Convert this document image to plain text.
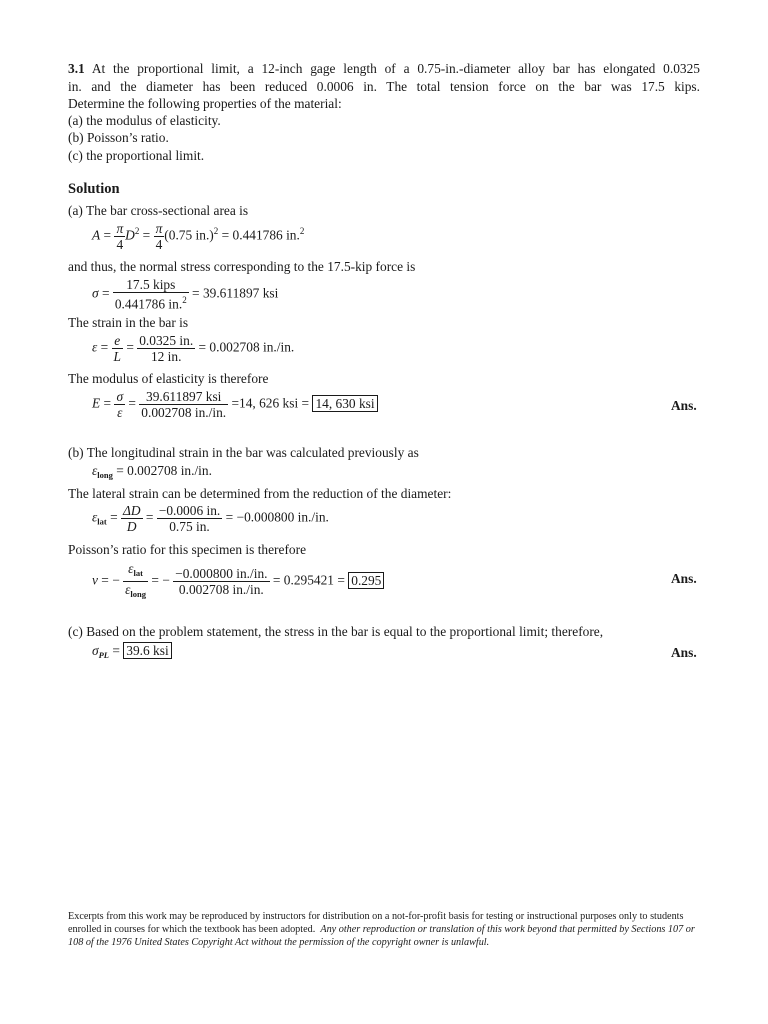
3.1 At the proportional limit, a 12-inch gage length of a 0.75-in.-diameter alloy bar has elongated 0.0325
in. and the diameter has been reduced 0.0006 in. The total tension force on the bar was 17.5 kips.
Determine the following properties of the material:
(a) the modulus of elasticity.
(b) Poisson’s ratio.
(c) the proportional limit.
Solution
(a) The bar cross-sectional area is
$A = \frac{\pi}{4} D^2 = \frac{\pi}{4} (0.75$ in.)$^2$ = 0.441786 in.$^2$
and thus, the normal stress corresponding to the 17.5-kip force is
$\sigma = \frac{\text{17.5 kips}}{0.441786 in.^2} = 39.611897$ ksi
The strain in the bar is
$\varepsilon = \frac{e}{L} = \frac{0.0325 in.}{12 in.} = 0.002708$ in./in.
The modulus of elasticity is therefore
$E = \frac{\sigma}{\varepsilon} = \frac{\text{39.611897 ksi}}{0.002708 in./in.} =14$, 626 ksi = 14, 630 ksi	Ans.
(b) The longitudinal strain in the bar was calculated previously as
$\varepsilon_{long} = 0.002708$ in./in.
The lateral strain can be determined from the reduction of the diameter:
$\varepsilon_{lat} = \frac{\Delta D}{D} = \frac{-0.0006 in.}{0.75 in.} = -0.000800$ in./in.
Poisson’s ratio for this specimen is therefore
ν = − $\frac{\varepsilon_{lat}}{\varepsilon_{long}}$ = − $\frac{-0.000800 in./in.}{0.002708 in./in.} = 0.295421 = 0.295$	Ans.
(c) Based on the problem statement, the stress in the bar is equal to the proportional limit; therefore,
$\sigma_{PL} = 39.6$ ksi	Ans.
Excerpts from this work may be reproduced by instructors for distribution on a not-for-profit basis for testing or instructional purposes only to students enrolled in courses for which the textbook has been adopted. Any other reproduction or translation of this work beyond that permitted by Sections 107 or 108 of the 1976 United States Copyright Act without the permission of the copyright owner is unlawful.
